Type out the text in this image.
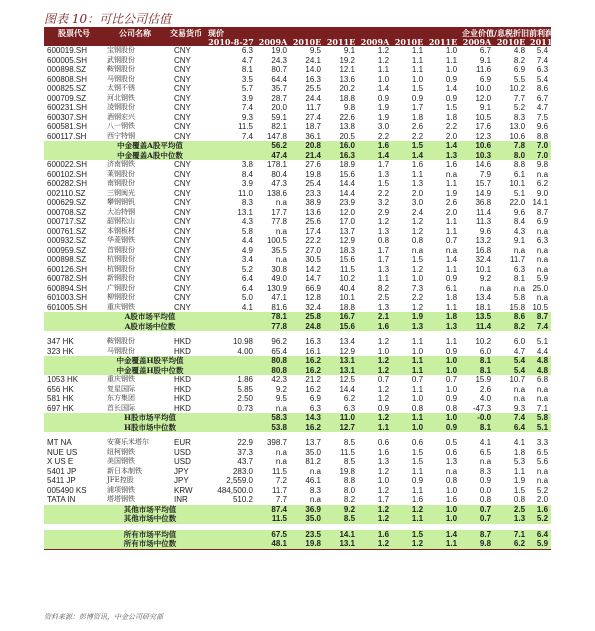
图表 10：可比公司估值
股票代号	公司名称	交易货币	现价							企业价值/息税折旧前利润		
			2010-8-27	2009A	2010E	2011E	2009A	2010E	2011E	2009A	2010E	2011E
600019.SH	宝钢股份	CNY	6.3	19.0	9.5	9.1	1.2	1.1	1.0	6.7	4.8	5.4
600005.SH	武钢股份	CNY	4.7	24.3	24.1	19.2	1.2	1.1	1.1	9.1	8.2	7.4
000898.SZ	鞍钢股份	CNY	8.1	80.7	14.0	12.1	1.1	1.1	1.0	11.6	6.9	6.3
600808.SH	马钢股份	CNY	3.5	64.4	16.3	13.6	1.0	1.0	0.9	6.9	5.5	5.4
000825.SZ	太钢不锈	CNY	5.7	35.7	25.5	20.2	1.4	1.5	1.4	10.0	10.2	8.6
000709.SZ	河北钢铁	CNY	3.9	28.7	24.4	18.8	0.9	0.9	0.9	12.0	7.7	6.7
600231.SH	凌钢股份	CNY	7.4	20.0	11.7	9.8	1.9	1.7	1.5	9.1	5.2	4.7
600307.SH	酒钢宏兴	CNY	9.3	59.1	27.4	22.6	1.9	1.8	1.8	10.5	8.3	7.5
600581.SH	八一钢铁	CNY	11.5	82.1	18.7	13.8	3.0	2.6	2.2	17.6	13.0	9.6
600117.SH	西宁特钢	CNY	7.4	147.8	36.1	20.5	2.2	2.2	2.0	12.3	10.6	8.8
中金覆盖A股平均值				56.2	20.8	16.0	1.6	1.5	1.4	10.6	7.8	7.0
中金覆盖A股中位数				47.4	21.4	16.3	1.4	1.4	1.3	10.3	8.0	7.0
600022.SH	济南钢铁	CNY	3.8	178.1	27.6	18.9	1.7	1.6	1.6	14.6	8.8	9.8
600102.SH	莱钢股份	CNY	8.4	80.4	19.8	15.6	1.3	1.1	n.a	7.9	6.1	n.a
600282.SH	南钢股份	CNY	3.9	47.3	25.4	14.4	1.5	1.3	1.1	15.7	10.1	6.2
002110.SZ	三钢闽光	CNY	11.0	138.6	23.3	14.4	2.2	2.0	1.9	14.9	5.1	9.0
000629.SZ	攀钢钢钒	CNY	8.3	n.a	38.9	23.9	3.2	3.0	2.6	36.8	22.0	14.1
000708.SZ	大冶特钢	CNY	13.1	17.7	13.6	12.0	2.9	2.4	2.0	11.4	9.6	8.7
000717.SZ	韶钢松山	CNY	4.3	77.8	25.6	17.0	1.2	1.2	1.1	11.3	8.4	6.9
000761.SZ	本钢板材	CNY	5.8	n.a	17.4	13.7	1.3	1.2	1.1	9.6	4.3	n.a
000932.SZ	华菱钢铁	CNY	4.4	100.5	22.2	12.9	0.8	0.8	0.7	13.2	9.1	6.3
000959.SZ	首钢股份	CNY	4.9	35.5	27.0	18.3	1.7	n.a	n.a	16.8	n.a	n.a
000898.SZ	杭钢股份	CNY	3.4	n.a	30.5	15.6	1.7	1.5	1.4	32.4	11.7	n.a
600126.SH	杭钢股份	CNY	5.2	30.8	14.2	11.5	1.3	1.2	1.1	10.1	6.3	n.a
600782.SH	新钢股份	CNY	6.4	49.0	14.7	10.2	1.1	1.0	0.9	9.2	8.1	5.9
600894.SH	广钢股份	CNY	6.4	130.9	66.9	40.4	8.2	7.3	6.1	n.a	n.a	25.0
601003.SH	柳钢股份	CNY	5.0	47.1	12.8	10.1	2.5	2.2	1.8	13.4	5.8	n.a
601005.SH	重庆钢铁	CNY	4.1	81.6	32.4	18.8	1.3	1.2	1.1	18.1	15.8	10.5
A股市场平均值				78.1	25.8	16.7	2.1	1.9	1.8	13.5	8.6	8.7
A股市场中位数				77.8	24.8	15.6	1.6	1.3	1.3	11.4	8.2	7.4

347 HK	鞍钢股份	HKD	10.98	96.2	16.3	13.4	1.2	1.1	1.1	10.2	6.0	5.1
323 HK	马钢股份	HKD	4.00	65.4	16.1	12.9	1.0	1.0	0.9	6.0	4.7	4.4
中金覆盖H股平均值				80.8	16.2	13.1	1.2	1.1	1.0	8.1	5.4	4.8
中金覆盖H股中位数				80.8	16.2	13.1	1.2	1.1	1.0	8.1	5.4	4.8
1053 HK	重庆钢铁	HKD	1.86	42.3	21.2	12.5	0.7	0.7	0.7	15.9	10.7	6.8
656 HK	复星国际	HKD	5.85	9.2	16.2	14.4	1.2	1.1	1.0	2.6	n.a	n.a
581 HK	东方集团	HKD	2.50	9.5	6.9	6.2	1.2	1.0	0.9	4.0	n.a	n.a
697 HK	首长国际	HKD	0.73	n.a	6.3	6.3	0.9	0.8	0.8	-47.3	9.3	7.1
H股市场平均值				58.3	14.3	11.0	1.2	1.1	1.0	-0.0	7.4	5.8
H股市场中位数				53.8	16.2	12.7	1.1	1.0	0.9	8.1	6.4	5.1

MT NA	安赛乐米塔尔	EUR	22.9	398.7	13.7	8.5	0.6	0.6	0.5	4.1	4.1	3.3
NUE US	纽柯钢铁	USD	37.3	n.a	35.0	11.5	1.6	1.5	0.6	6.5	1.8	6.5
X US E	美国钢铁	USD	43.7	n.a	81.2	8.5	1.3	1.5	1.3	n.a	5.3	5.6
5401 JP	新日本制铁	JPY	283.0	11.5	n.a	19.8	1.2	1.1	n.a	8.3	1.1	n.a
5411 JP	JFE控股	JPY	2,559.0	7.2	46.1	8.8	1.0	0.9	0.8	0.9	1.9	n.a
005490 KS	浦项钢铁	KRW	484,500.0	11.7	8.3	8.0	1.2	1.1	1.0	0.0	1.5	5.2
TATA IN	塔塔钢铁	INR	510.2	7.7	n.a	8.2	1.7	1.6	1.6	0.8	0.8	2.0
其他市场平均值				87.4	36.9	9.2	1.2	1.2	1.0	0.7	2.5	1.6
其他市场中位数				11.5	35.0	8.5	1.2	1.1	1.0	0.7	1.3	5.2

所有市场平均值				67.5	23.5	14.1	1.6	1.5	1.4	8.7	7.1	6.4
所有市场中位数				48.1	19.8	13.1	1.2	1.2	1.1	9.8	6.2	5.9
资料来源：彭博资讯，中金公司研究部
